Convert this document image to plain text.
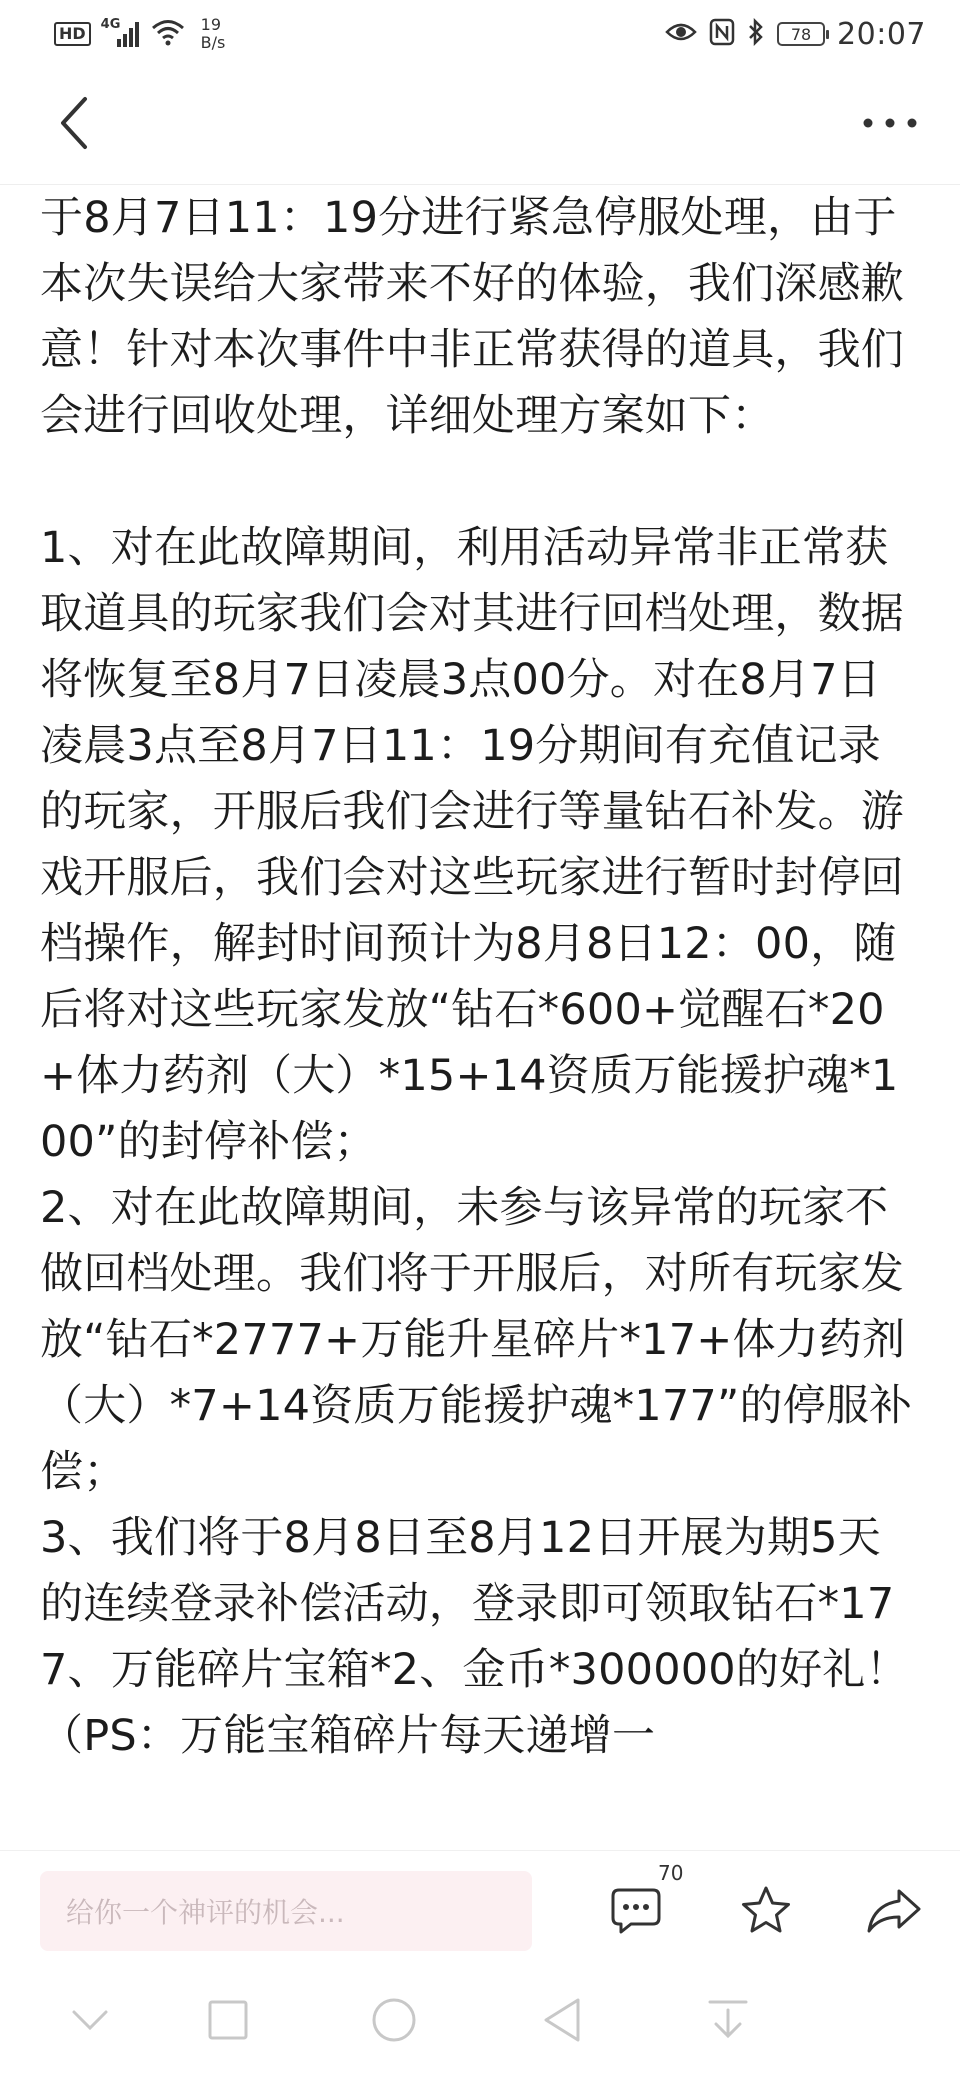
HD	4G	19
B/s	78 20:07

于8月7日11：19分进行紧急停服处理，由于本次失误给大家带来不好的体验，我们深感歉意！针对本次事件中非正常获得的道具，我们会进行回收处理，详细处理方案如下：

1、对在此故障期间，利用活动异常非正常获取道具的玩家我们会对其进行回档处理，数据将恢复至8月7日凌晨3点00分。对在8月7日凌晨3点至8月7日11：19分期间有充值记录的玩家，开服后我们会进行等量钻石补发。游戏开服后，我们会对这些玩家进行暂时封停回档操作，解封时间预计为8月8日12：00，随后将对这些玩家发放“钻石*600+觉醒石*20+体力药剂（大）*15+14资质万能援护魂*100”的封停补偿；

2、对在此故障期间，未参与该异常的玩家不做回档处理。我们将于开服后，对所有玩家发放“钻石*2777+万能升星碎片*17+体力药剂（大）*7+14资质万能援护魂*177”的停服补偿；

3、我们将于8月8日至8月12日开展为期5天的连续登录补偿活动，登录即可领取钻石*177、万能碎片宝箱*2、金币*300000的好礼！（PS：万能宝箱碎片每天递增一

给你一个神评的机会...
70
